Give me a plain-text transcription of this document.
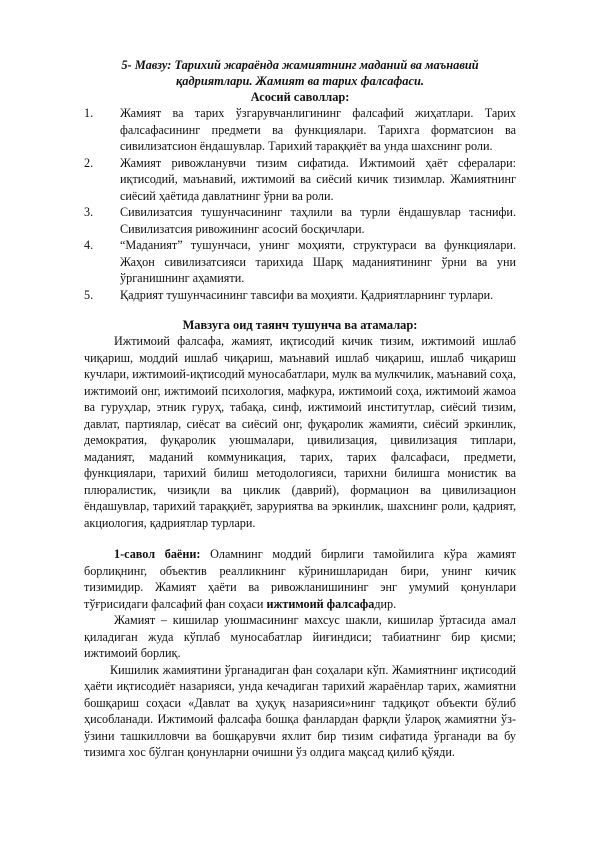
5- Мавзу: Тарихий жараёнда жамиятнинг маданий ва маънавий

қадриятлари. Жамият ва тарих фалсафаси.

Асосий саволлар:

1.	Жамият ва тарих ўзгарувчанлигининг фалсафий жиҳатлари. Тарих фалсафасининг предмети ва функциялари. Тарихга форматсион ва сивилизатсион ёндашувлар. Тарихий тараққиёт ва унда шахснинг роли.
2.	Жамият ривожланувчи тизим сифатида. Ижтимоий ҳаёт сфералари: иқтисодий, маънавий, ижтимоий ва сиёсий кичик тизимлар. Жамиятнинг сиёсий ҳаётида давлатнинг ўрни ва роли.
3.	Сивилизатсия тушунчасининг таҳлили ва турли ёндашувлар таснифи. Сивилизатсия ривожининг асосий босқичлари.
4.	“Маданият” тушунчаси, унинг моҳияти, структураси ва функциялари. Жаҳон сивилизатсияси тарихида Шарқ маданиятининг ўрни ва уни ўрганишнинг аҳамияти.
5.	Қадрият тушунчасининг тавсифи ва моҳияти. Қадриятларнинг турлари.

Мавзуга оид таянч тушунча ва атамалар:

Ижтимоий фалсафа, жамият, иқтисодий кичик тизим, ижтимоий ишлаб чиқариш, моддий ишлаб чиқариш, маънавий ишлаб чиқариш, ишлаб чиқариш кучлари, ижтимоий-иқтисодий муносабатлари, мулк ва мулкчилик, маънавий соҳа, ижтимоий онг, ижтимоий психология, мафкура, ижтимоий соҳа, ижтимоий жамоа ва гуруҳлар, этник гуруҳ, табақа, синф, ижтимоий институтлар, сиёсий тизим, давлат, партиялар, сиёсат ва сиёсий онг, фуқаролик жамияти, сиёсий эркинлик, демократия, фуқаролик уюшмалари, цивилизация, цивилизация типлари, маданият, маданий коммуникация, тарих, тарих фалсафаси, предмети, функциялари, тарихий билиш методологияси, тарихни билишга монистик ва плюралистик, чизиқли ва циклик (даврий), формацион ва цивилизацион ёндашувлар, тарихий тараққиёт, заруриятва ва эркинлик, шахснинг роли, қадрият, акциология, қадриятлар турлари.

1-савол баёни: Оламнинг моддий бирлиги тамойилига кўра жамият борлиқнинг, объектив реалликнинг кўринишларидан бири, унинг кичик тизимидир. Жамият ҳаёти ва ривожланишининг энг умумий қонунлари тўғрисидаги фалсафий фан соҳаси ижтимоий фалсафадир.

Жамият – кишилар уюшмасининг махсус шакли, кишилар ўртасида амал қиладиган жуда кўплаб муносабатлар йиғиндиси; табиатнинг бир қисми; ижтимоий борлиқ.

Кишилик жамиятини ўрганадиган фан соҳалари кўп. Жамиятнинг иқтисодий ҳаёти иқтисодиёт назарияси, унда кечадиган тарихий жараёнлар тарих, жамиятни бошқариш соҳаси «Давлат ва ҳуқуқ назарияси»нинг тадқиқот объекти бўлиб ҳисобланади. Ижтимоий фалсафа бошқа фанлардан фарқли ўлароқ жамиятни ўз-ўзини ташкилловчи ва бошқарувчи яхлит бир тизим сифатида ўрганади ва бу тизимга хос бўлган қонунларни очишни ўз олдига мақсад қилиб қўяди.
